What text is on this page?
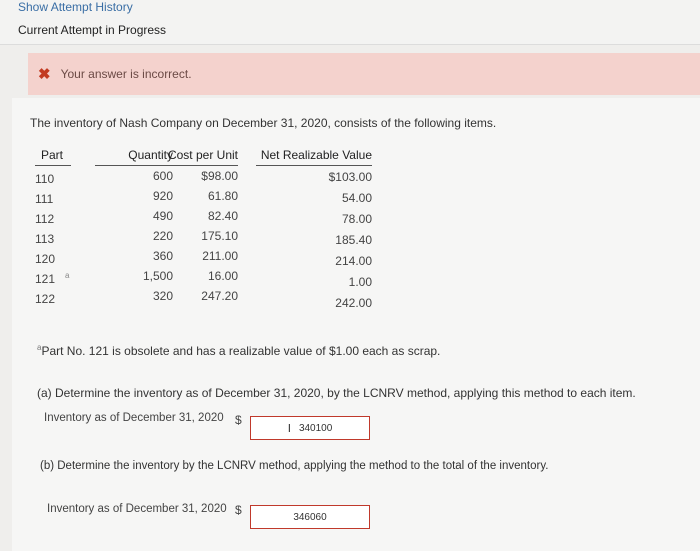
Show Attempt History
Current Attempt in Progress
✖ Your answer is incorrect.
The inventory of Nash Company on December 31, 2020, consists of the following items.
Part
110
111
112
113
120
121 $^a$
122
Quantity
600
920
490
220
360
1,500
320
Cost per Unit
$98.00
61.80
82.40
175.10
211.00
16.00
247.20
Net Realizable Value
$103.00
54.00
78.00
185.40
214.00
1.00
242.00
$^a$Part No. 121 is obsolete and has a realizable value of $1.00 each as scrap.
(a) Determine the inventory as of December 31, 2020, by the LCNRV method, applying this method to each item.
Inventory as of December 31, 2020 $
I 340100
(b) Determine the inventory by the LCNRV method, applying the method to the total of the inventory.
Inventory as of December 31, 2020 $	346060
